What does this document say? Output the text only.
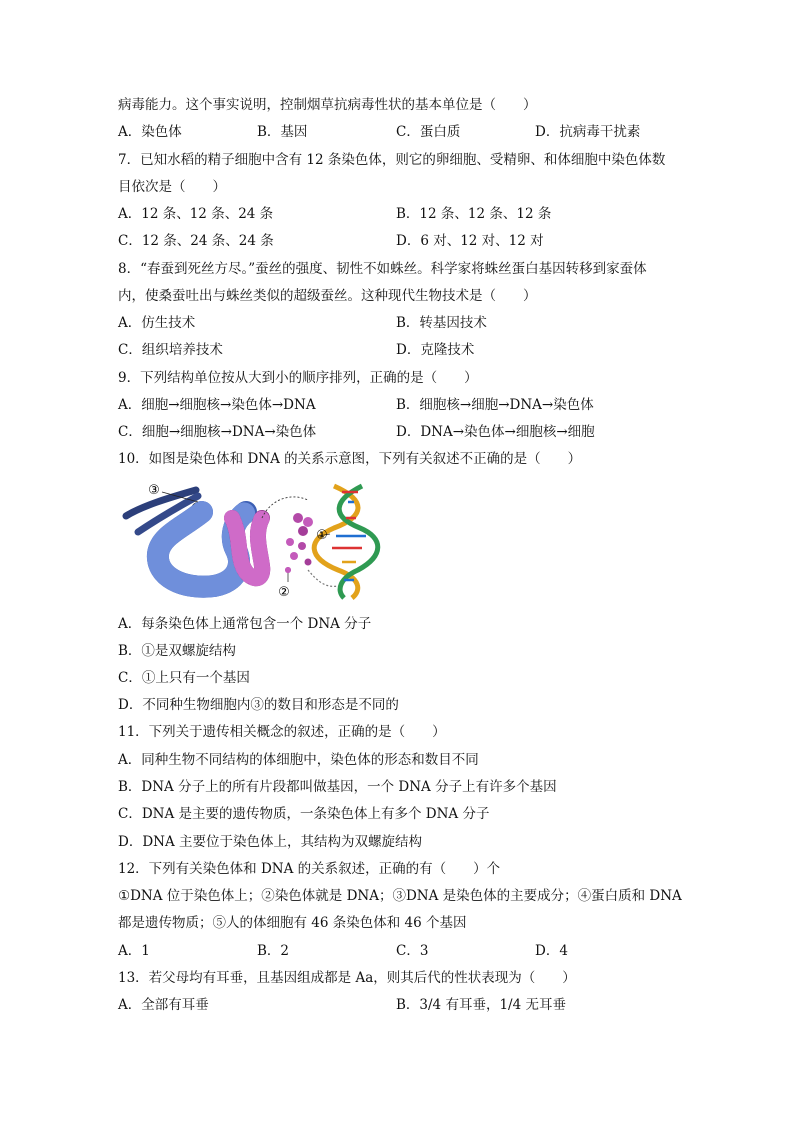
病毒能力。这个事实说明，控制烟草抗病毒性状的基本单位是（　　）
A．染色体	B．基因	C．蛋白质	D．抗病毒干扰素
7．已知水稻的精子细胞中含有 12 条染色体，则它的卵细胞、受精卵、和体细胞中染色体数
目依次是（　　）
A．12 条、12 条、24 条	B．12 条、12 条、12 条
C．12 条、24 条、24 条	D．6 对、12 对、12 对
8．“春蚕到死丝方尽。”蚕丝的强度、韧性不如蛛丝。科学家将蛛丝蛋白基因转移到家蚕体
内，使桑蚕吐出与蛛丝类似的超级蚕丝。这种现代生物技术是（　　）
A．仿生技术	B．转基因技术
C．组织培养技术	D．克隆技术
9．下列结构单位按从大到小的顺序排列，正确的是（　　）
A．细胞→细胞核→染色体→DNA	B．细胞核→细胞→DNA→染色体
C．细胞→细胞核→DNA→染色体	D．DNA→染色体→细胞核→细胞
10．如图是染色体和 DNA 的关系示意图，下列有关叙述不正确的是（　　）
③
①
②
A．每条染色体上通常包含一个 DNA 分子
B．①是双螺旋结构
C．①上只有一个基因
D．不同种生物细胞内③的数目和形态是不同的
11．下列关于遗传相关概念的叙述，正确的是（　　）
A．同种生物不同结构的体细胞中，染色体的形态和数目不同
B．DNA 分子上的所有片段都叫做基因，一个 DNA 分子上有许多个基因
C．DNA 是主要的遗传物质，一条染色体上有多个 DNA 分子
D．DNA 主要位于染色体上，其结构为双螺旋结构
12．下列有关染色体和 DNA 的关系叙述，正确的有（　　）个
①DNA 位于染色体上；②染色体就是 DNA；③DNA 是染色体的主要成分；④蛋白质和 DNA
都是遗传物质；⑤人的体细胞有 46 条染色体和 46 个基因
A．1	B．2	C．3	D．4
13．若父母均有耳垂，且基因组成都是 Aa，则其后代的性状表现为（　　）
A．全部有耳垂	B．3/4 有耳垂，1/4 无耳垂
